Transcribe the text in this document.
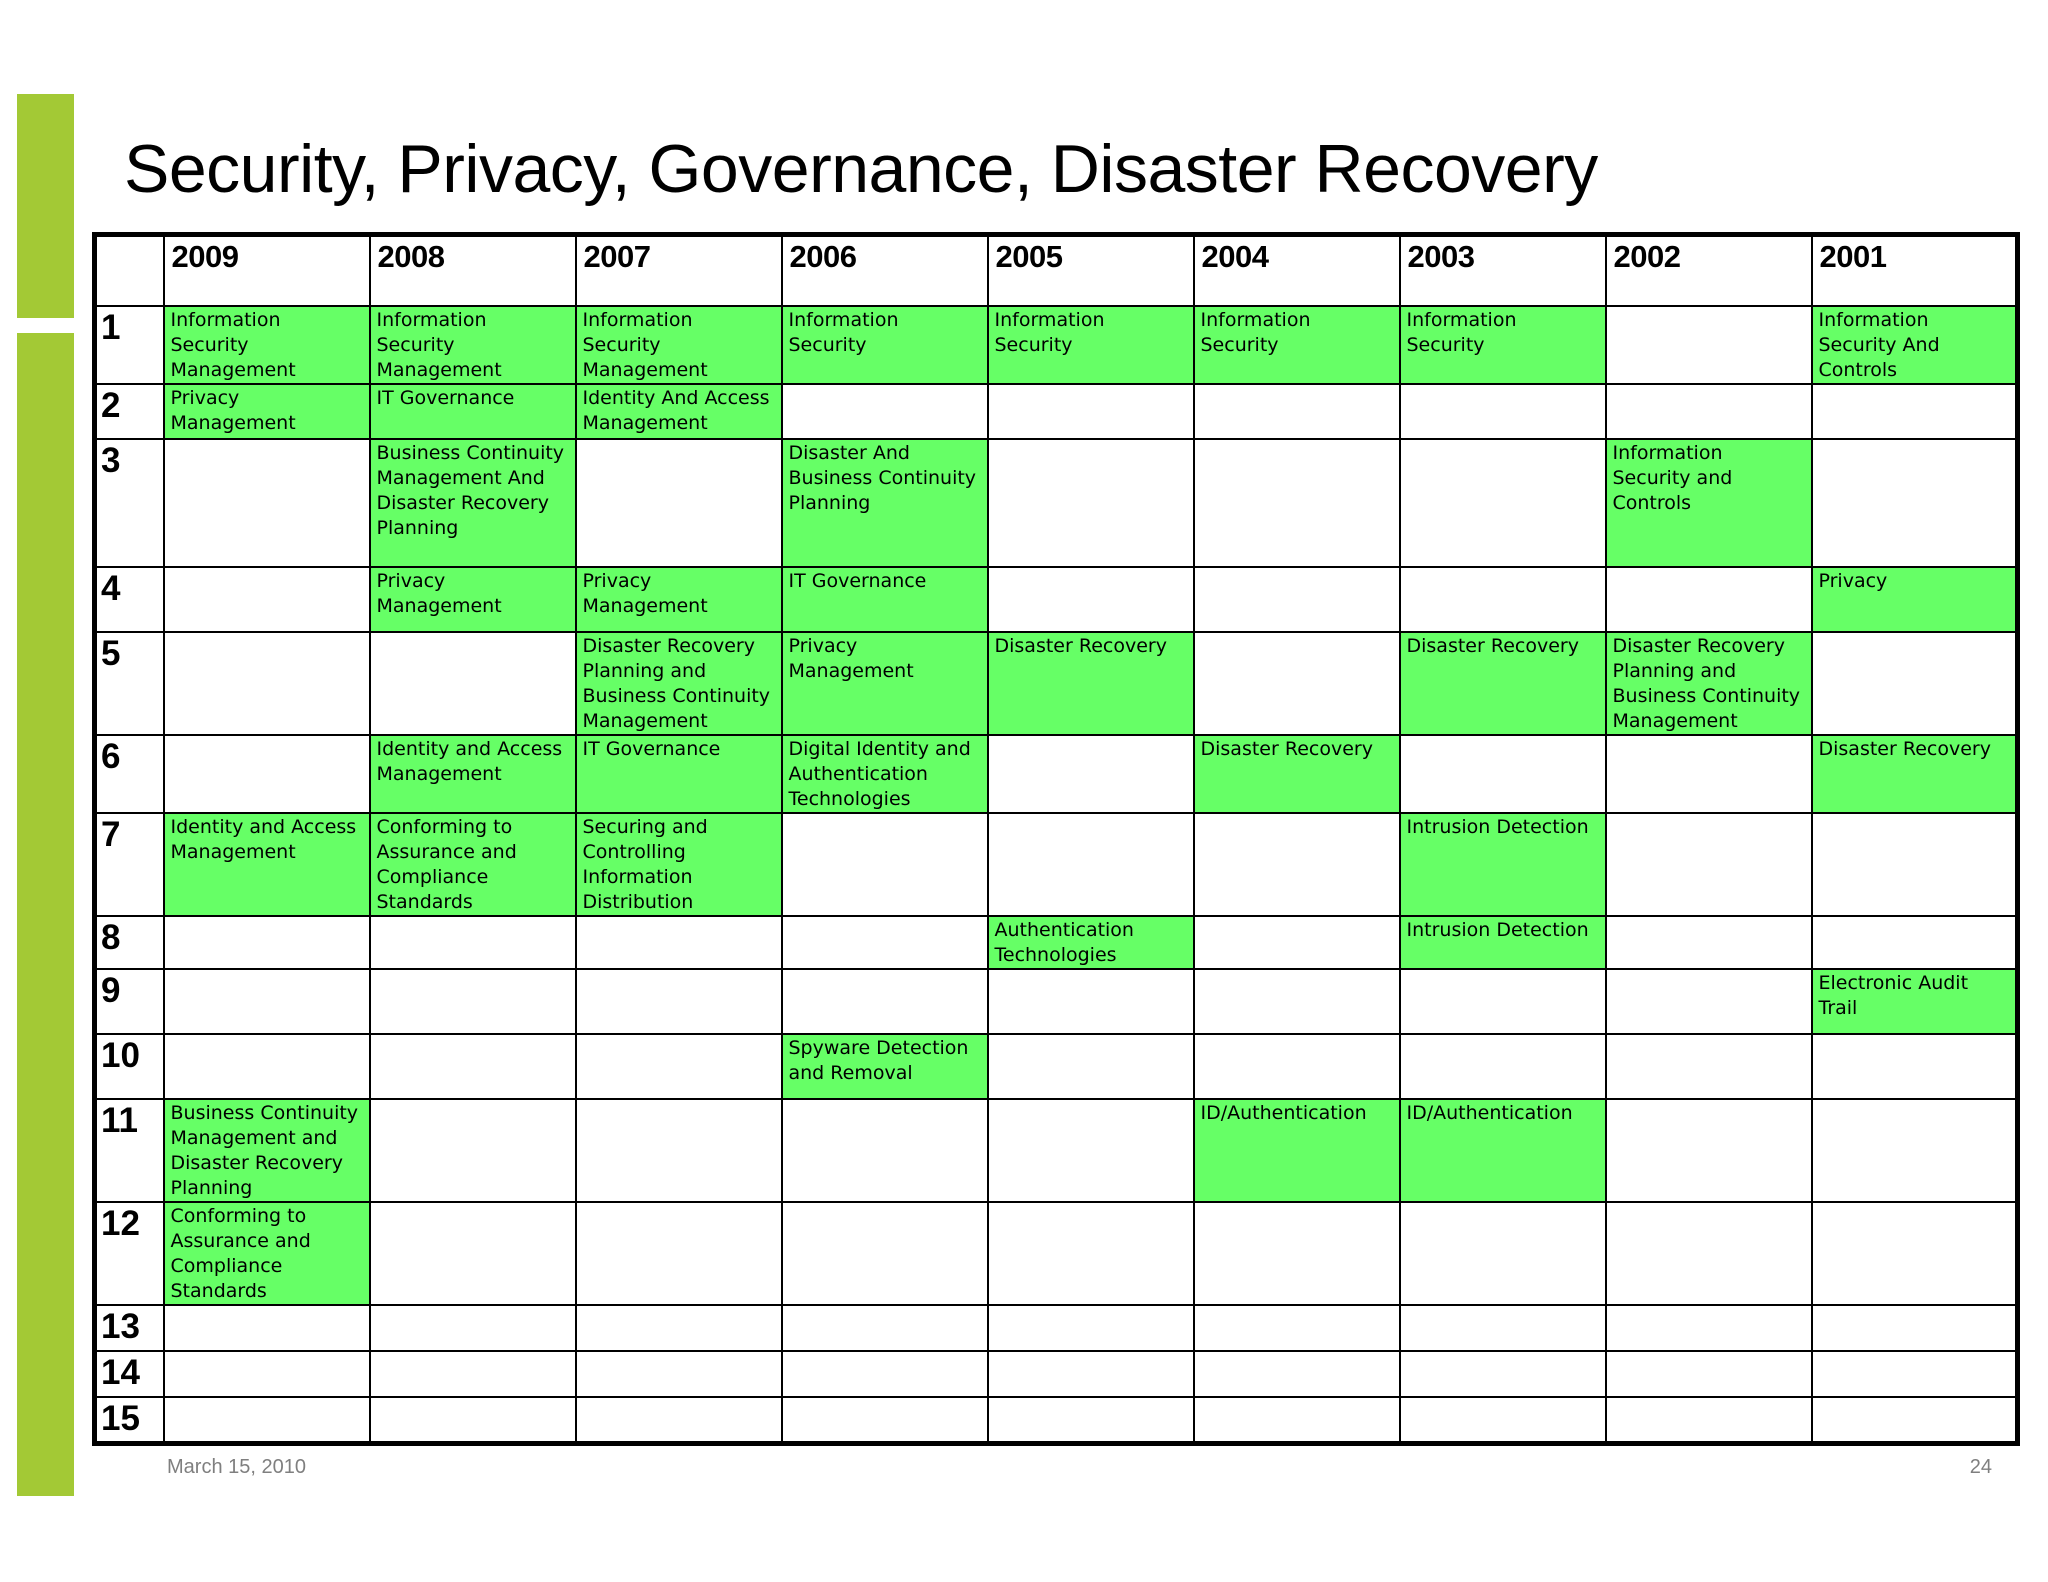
Security, Privacy, Governance, Disaster Recovery
	2009	2008	2007	2006	2005	2004	2003	2002	2001
1	Information Security Management	Information Security Management	Information Security Management	Information Security	Information Security	Information Security	Information Security		Information Security And Controls
2	Privacy Management	IT Governance	Identity And Access Management						
3		Business Continuity Management And Disaster Recovery Planning		Disaster And Business Continuity Planning				Information Security and Controls	
4		Privacy Management	Privacy Management	IT Governance					Privacy
5			Disaster Recovery Planning and Business Continuity Management	Privacy Management	Disaster Recovery		Disaster Recovery	Disaster Recovery Planning and Business Continuity Management	
6		Identity and Access Management	IT Governance	Digital Identity and Authentication Technologies		Disaster Recovery			Disaster Recovery
7	Identity and Access Management	Conforming to Assurance and Compliance Standards	Securing and Controlling Information Distribution				Intrusion Detection		
8					Authentication Technologies		Intrusion Detection		
9									Electronic Audit Trail
10				Spyware Detection and Removal					
11	Business Continuity Management and Disaster Recovery Planning					ID/Authentication	ID/Authentication		
12	Conforming to Assurance and Compliance Standards								
13									
14									
15									
March 15, 2010	24
